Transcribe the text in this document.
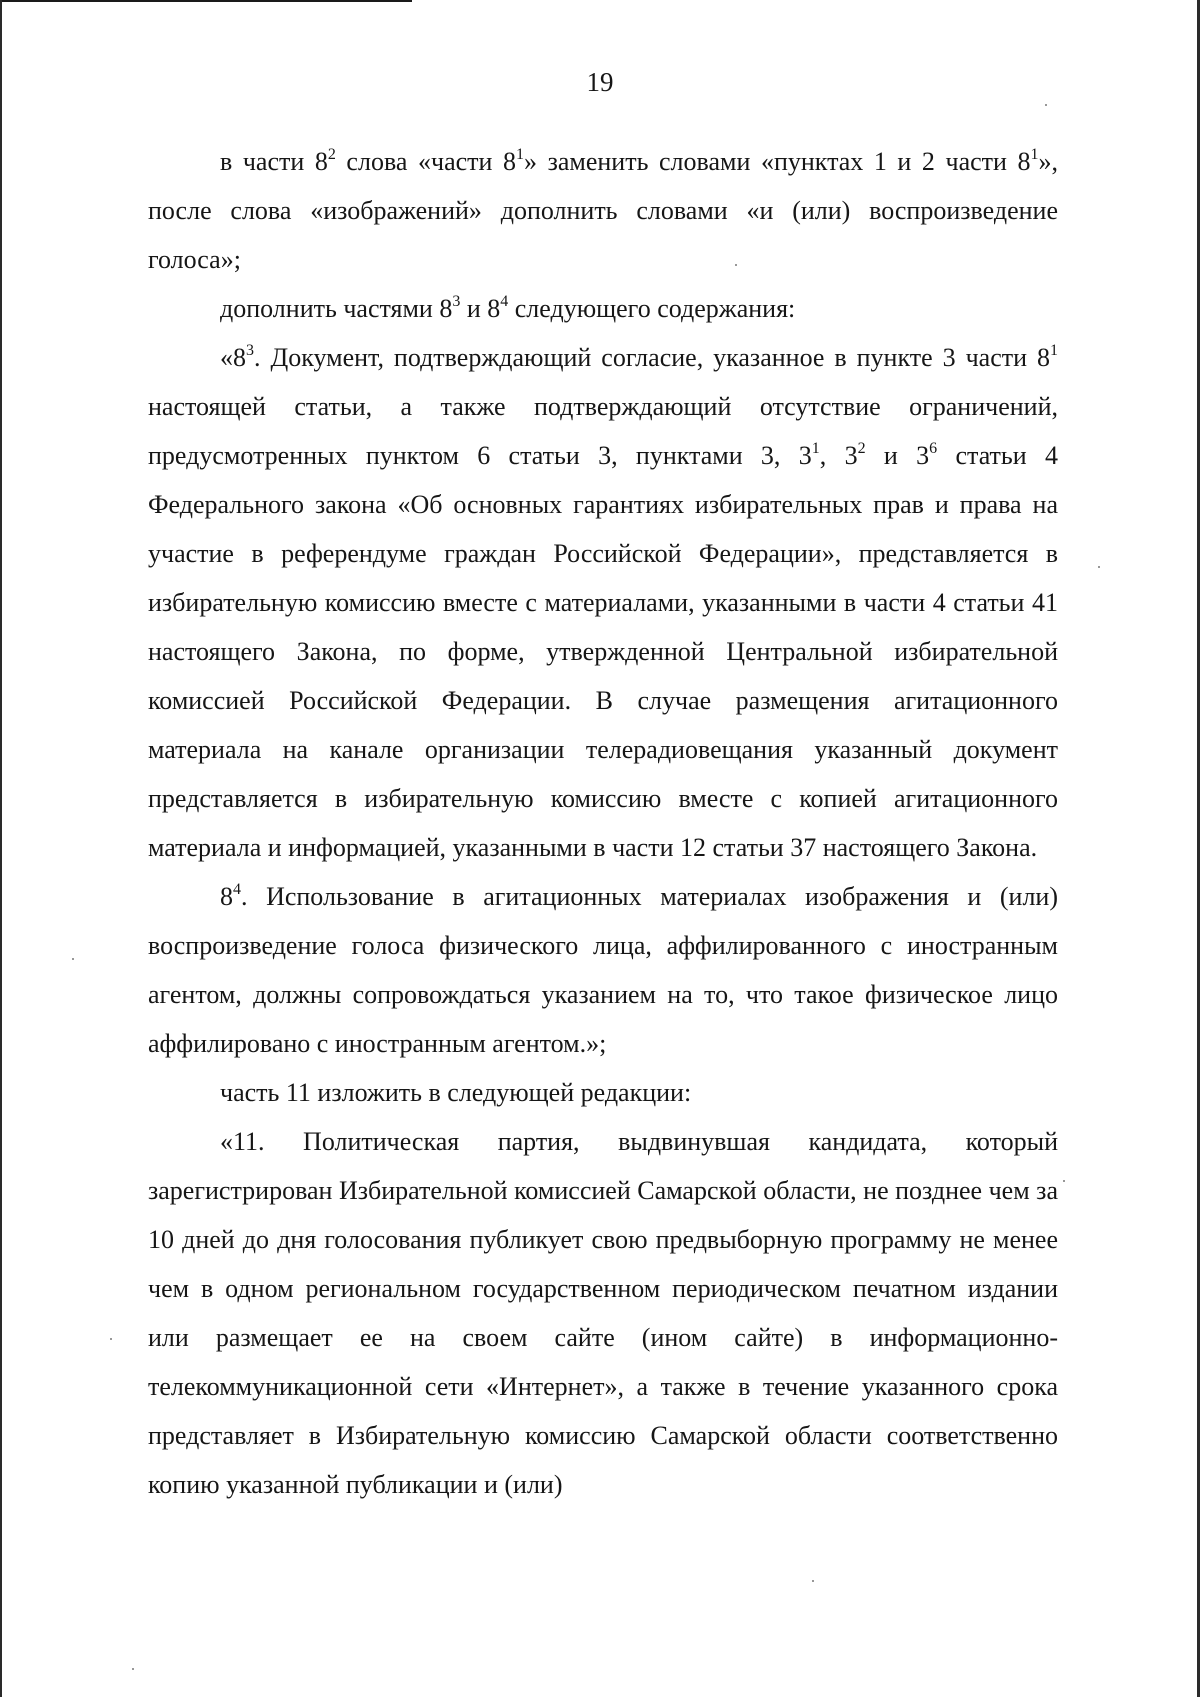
19

в части $8^2$ слова «части $8^1$» заменить словами «пунктах 1 и 2 части $8^1$», после слова «изображений» дополнить словами «и (или) воспроизведение голоса»;

дополнить частями $8^3$ и $8^4$ следующего содержания:

«$8^3$. Документ, подтверждающий согласие, указанное в пункте 3 части $8^1$ настоящей статьи, а также подтверждающий отсутствие ограничений, предусмотренных пунктом 6 статьи 3, пунктами 3, $3^1$, $3^2$ и $3^6$ статьи 4 Федерального закона «Об основных гарантиях избирательных прав и права на участие в референдуме граждан Российской Федерации», представляется в избирательную комиссию вместе с материалами, указанными в части 4 статьи 41 настоящего Закона, по форме, утвержденной Центральной избирательной комиссией Российской Федерации. В случае размещения агитационного материала на канале организации телерадиовещания указанный документ представляется в избирательную комиссию вместе с копией агитационного материала и информацией, указанными в части 12 статьи 37 настоящего Закона.

$8^4$. Использование в агитационных материалах изображения и (или) воспроизведение голоса физического лица, аффилированного с иностранным агентом, должны сопровождаться указанием на то, что такое физическое лицо аффилировано с иностранным агентом.»;

часть 11 изложить в следующей редакции:

«11. Политическая партия, выдвинувшая кандидата, который зарегистрирован Избирательной комиссией Самарской области, не позднее чем за 10 дней до дня голосования публикует свою предвыборную программу не менее чем в одном региональном государственном периодическом печатном издании или размещает ее на своем сайте (ином сайте) в информационно-телекоммуникационной сети «Интернет», а также в течение указанного срока представляет в Избирательную комиссию Самарской области соответственно копию указанной публикации и (или)
